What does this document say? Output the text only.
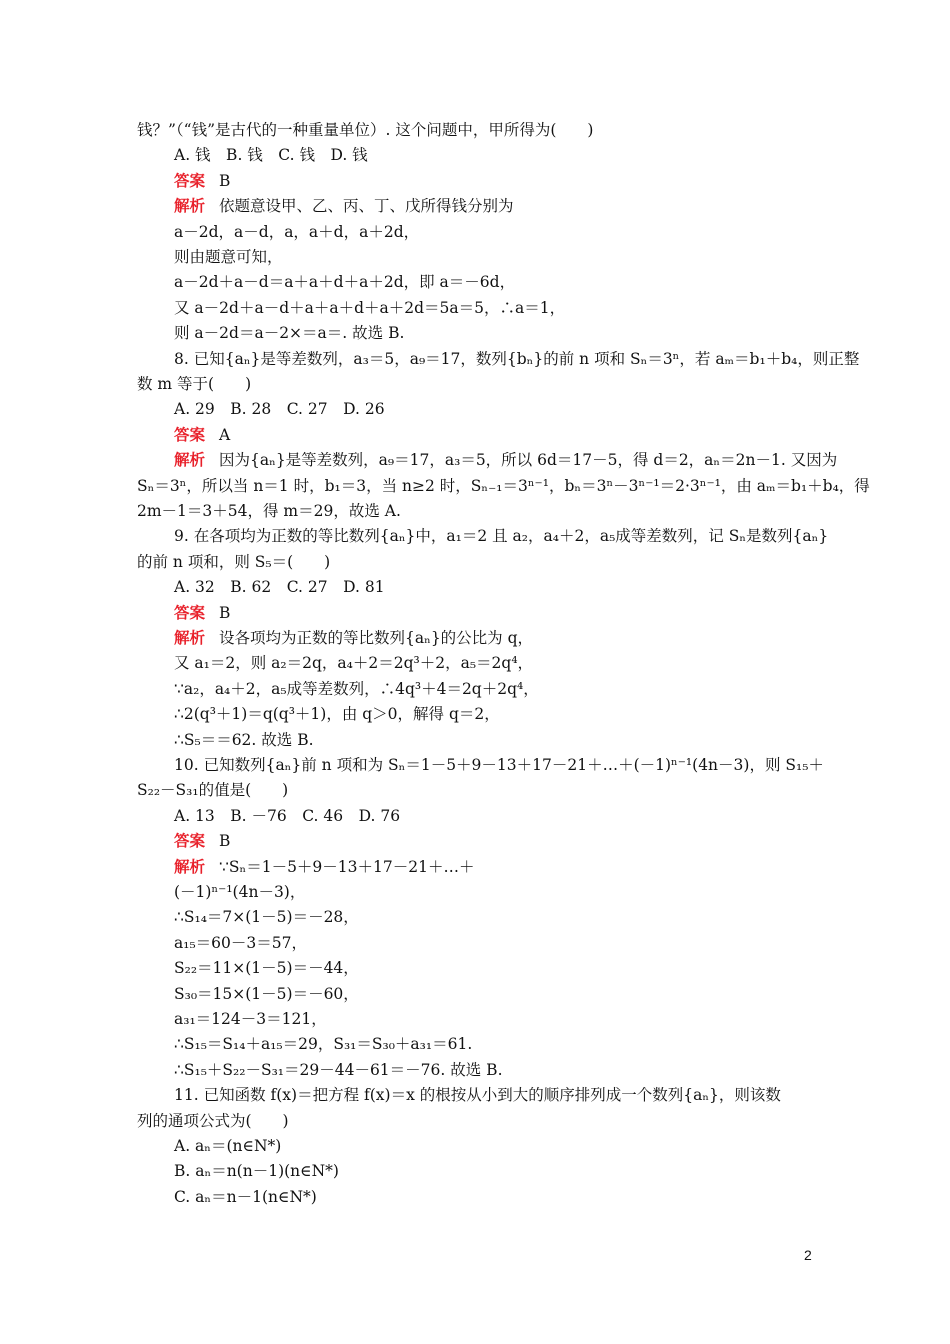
钱？”（“钱”是古代的一种重量单位）. 这个问题中，甲所得为(　　)
A. 钱　B. 钱　C. 钱　D. 钱
答案 B
解析 依题意设甲、乙、丙、丁、戊所得钱分别为
a－2d，a－d，a，a＋d，a＋2d，
则由题意可知，
a－2d＋a－d＝a＋a＋d＋a＋2d，即 a＝－6d，
又 a－2d＋a－d＋a＋a＋d＋a＋2d＝5a＝5，∴a＝1，
则 a－2d＝a－2×＝a＝. 故选 B.
8. 已知{aₙ}是等差数列，a₃＝5，a₉＝17，数列{bₙ}的前 n 项和 Sₙ＝3ⁿ，若 aₘ＝b₁＋b₄，则正整
数 m 等于(　　)
A. 29　B. 28　C. 27　D. 26
答案 A
解析 因为{aₙ}是等差数列，a₉＝17，a₃＝5，所以 6d＝17－5，得 d＝2，aₙ＝2n－1. 又因为
Sₙ＝3ⁿ，所以当 n＝1 时，b₁＝3，当 n≥2 时，Sₙ₋₁＝3ⁿ⁻¹，bₙ＝3ⁿ－3ⁿ⁻¹＝2·3ⁿ⁻¹，由 aₘ＝b₁＋b₄，得
2m－1＝3＋54，得 m＝29，故选 A.
9. 在各项均为正数的等比数列{aₙ}中，a₁＝2 且 a₂，a₄＋2，a₅成等差数列，记 Sₙ是数列{aₙ}
的前 n 项和，则 S₅＝(　　)
A. 32　B. 62　C. 27　D. 81
答案 B
解析 设各项均为正数的等比数列{aₙ}的公比为 q，
又 a₁＝2，则 a₂＝2q，a₄＋2＝2q³＋2，a₅＝2q⁴，
∵a₂，a₄＋2，a₅成等差数列，∴4q³＋4＝2q＋2q⁴，
∴2(q³＋1)＝q(q³＋1)，由 q＞0，解得 q＝2，
∴S₅＝＝62. 故选 B.
10. 已知数列{aₙ}前 n 项和为 Sₙ＝1－5＋9－13＋17－21＋…＋(－1)ⁿ⁻¹(4n－3)，则 S₁₅＋
S₂₂－S₃₁的值是(　　)
A. 13　B. －76　C. 46　D. 76
答案 B
解析 ∵Sₙ＝1－5＋9－13＋17－21＋…＋
(－1)ⁿ⁻¹(4n－3)，
∴S₁₄＝7×(1－5)＝－28，
a₁₅＝60－3＝57，
S₂₂＝11×(1－5)＝－44，
S₃₀＝15×(1－5)＝－60，
a₃₁＝124－3＝121，
∴S₁₅＝S₁₄＋a₁₅＝29，S₃₁＝S₃₀＋a₃₁＝61.
∴S₁₅＋S₂₂－S₃₁＝29－44－61＝－76. 故选 B.
11. 已知函数 f(x)＝把方程 f(x)＝x 的根按从小到大的顺序排列成一个数列{aₙ}，则该数
列的通项公式为(　　)
A. aₙ＝(n∈N*)
B. aₙ＝n(n－1)(n∈N*)
C. aₙ＝n－1(n∈N*)
2
